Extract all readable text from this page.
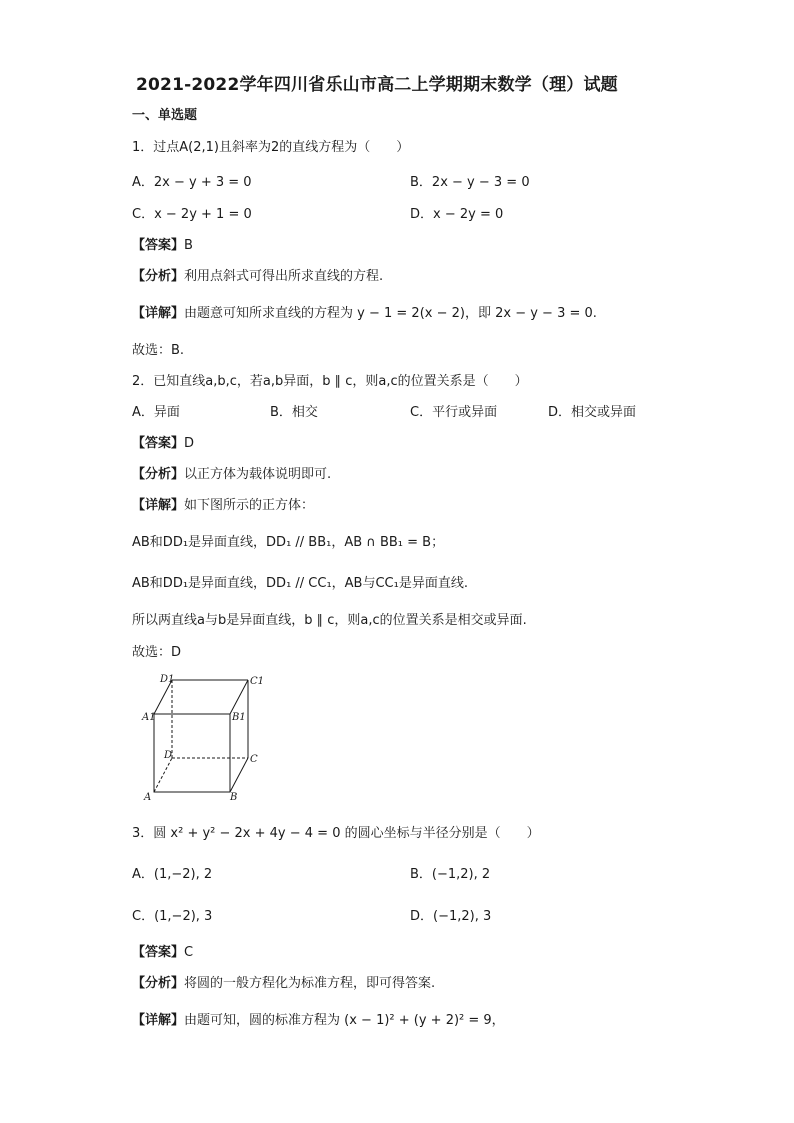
2021-2022学年四川省乐山市高二上学期期末数学（理）试题
一、单选题
1．过点A(2,1)且斜率为2的直线方程为（　　）
A．2x − y + 3 = 0	B．2x − y − 3 = 0
C．x − 2y + 1 = 0	D．x − 2y = 0
【答案】B
【分析】利用点斜式可得出所求直线的方程.
【详解】由题意可知所求直线的方程为 y − 1 = 2(x − 2)，即 2x − y − 3 = 0.
故选：B.
2．已知直线a,b,c，若a,b异面，b ∥ c，则a,c的位置关系是（　　）
A．异面	B．相交	C．平行或异面	D．相交或异面
【答案】D
【分析】以正方体为载体说明即可.
【详解】如下图所示的正方体：
AB和DD₁是异面直线，DD₁ // BB₁，AB ∩ BB₁ = B；
AB和DD₁是异面直线，DD₁ // CC₁，AB与CC₁是异面直线.
所以两直线a与b是异面直线，b ∥ c，则a,c的位置关系是相交或异面.
故选：D
D1	C1
A1	B1
D	C
A	B
3．圆 x² + y² − 2x + 4y − 4 = 0 的圆心坐标与半径分别是（　　）
A．(1,−2), 2	B．(−1,2), 2
C．(1,−2), 3	D．(−1,2), 3
【答案】C
【分析】将圆的一般方程化为标准方程，即可得答案.
【详解】由题可知，圆的标准方程为 (x − 1)² + (y + 2)² = 9，
